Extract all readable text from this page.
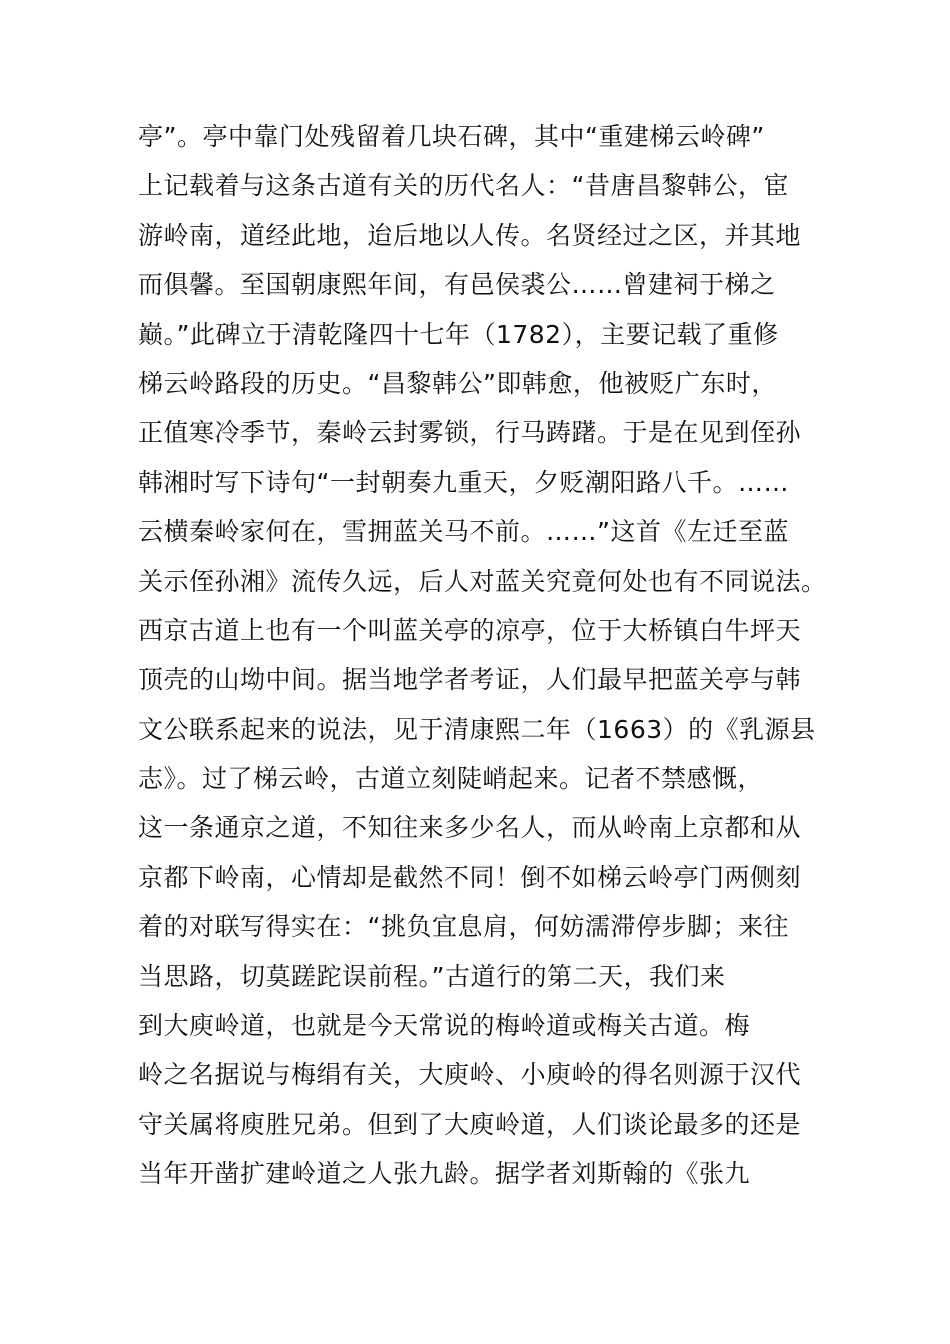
亭”。亭中靠门处残留着几块石碑，其中“重建梯云岭碑”
上记载着与这条古道有关的历代名人：“昔唐昌黎韩公，宦
游岭南，道经此地，迨后地以人传。名贤经过之区，并其地
而俱馨。至国朝康熙年间，有邑侯裘公……曾建祠于梯之
巅。”此碑立于清乾隆四十七年（1782），主要记载了重修
梯云岭路段的历史。“昌黎韩公”即韩愈，他被贬广东时，
正值寒冷季节，秦岭云封雾锁，行马踌躇。于是在见到侄孙
韩湘时写下诗句“一封朝奏九重天，夕贬潮阳路八千。……
云横秦岭家何在，雪拥蓝关马不前。……”这首《左迁至蓝
关示侄孙湘》流传久远，后人对蓝关究竟何处也有不同说法。
西京古道上也有一个叫蓝关亭的凉亭，位于大桥镇白牛坪天
顶壳的山坳中间。据当地学者考证，人们最早把蓝关亭与韩
文公联系起来的说法，见于清康熙二年（1663）的《乳源县
志》。过了梯云岭，古道立刻陡峭起来。记者不禁感慨，
这一条通京之道，不知往来多少名人，而从岭南上京都和从
京都下岭南，心情却是截然不同！倒不如梯云岭亭门两侧刻
着的对联写得实在：“挑负宜息肩，何妨濡滞停步脚；来往
当思路，切莫蹉跎误前程。”古道行的第二天，我们来
到大庾岭道，也就是今天常说的梅岭道或梅关古道。梅
岭之名据说与梅绢有关，大庾岭、小庾岭的得名则源于汉代
守关属将庾胜兄弟。但到了大庾岭道，人们谈论最多的还是
当年开凿扩建岭道之人张九龄。据学者刘斯翰的《张九
